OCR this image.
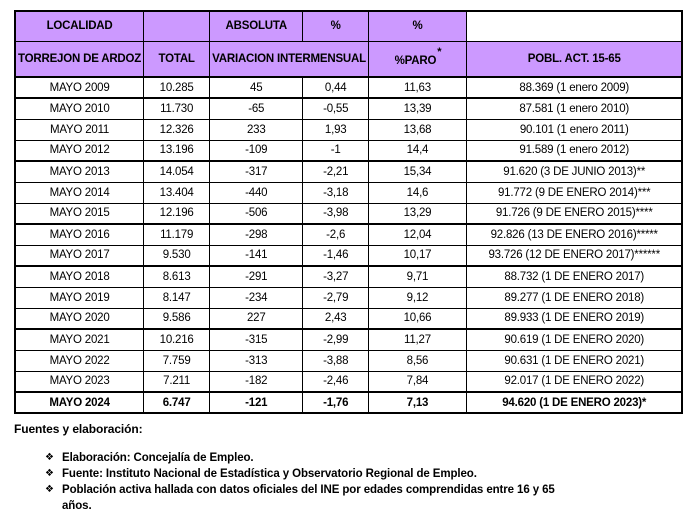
LOCALIDAD		ABSOLUTA	%	%	
TORREJON DE ARDOZ	TOTAL	VARIACION INTERMENSUAL		%PARO*	POBL. ACT. 15-65
MAYO 2009	10.285	45	0,44	11,63	88.369 (1 enero 2009)
MAYO 2010	11.730	-65	-0,55	13,39	87.581 (1 enero 2010)
MAYO 2011	12.326	233	1,93	13,68	90.101 (1 enero 2011)
MAYO 2012	13.196	-109	-1	14,4	91.589 (1 enero 2012)
MAYO 2013	14.054	-317	-2,21	15,34	91.620 (3 DE JUNIO 2013)**
MAYO 2014	13.404	-440	-3,18	14,6	91.772 (9 DE ENERO 2014)***
MAYO 2015	12.196	-506	-3,98	13,29	91.726 (9 DE ENERO 2015)****
MAYO 2016	11.179	-298	-2,6	12,04	92.826 (13 DE ENERO 2016)*****
MAYO 2017	9.530	-141	-1,46	10,17	93.726 (12 DE ENERO 2017)******
MAYO 2018	8.613	-291	-3,27	9,71	88.732 (1 DE ENERO 2017)
MAYO 2019	8.147	-234	-2,79	9,12	89.277 (1 DE ENERO 2018)
MAYO 2020	9.586	227	2,43	10,66	89.933 (1 DE ENERO 2019)
MAYO 2021	10.216	-315	-2,99	11,27	90.619 (1 DE ENERO 2020)
MAYO 2022	7.759	-313	-3,88	8,56	90.631 (1 DE ENERO 2021)
MAYO 2023	7.211	-182	-2,46	7,84	92.017 (1 DE ENERO 2022)
MAYO 2024	6.747	-121	-1,76	7,13	94.620 (1 DE ENERO 2023)*
Fuentes y elaboración:
❖ Elaboración: Concejalía de Empleo.
❖ Fuente: Instituto Nacional de Estadística y Observatorio Regional de Empleo.
❖ Población activa hallada con datos oficiales del INE por edades comprendidas entre 16 y 65 años.
